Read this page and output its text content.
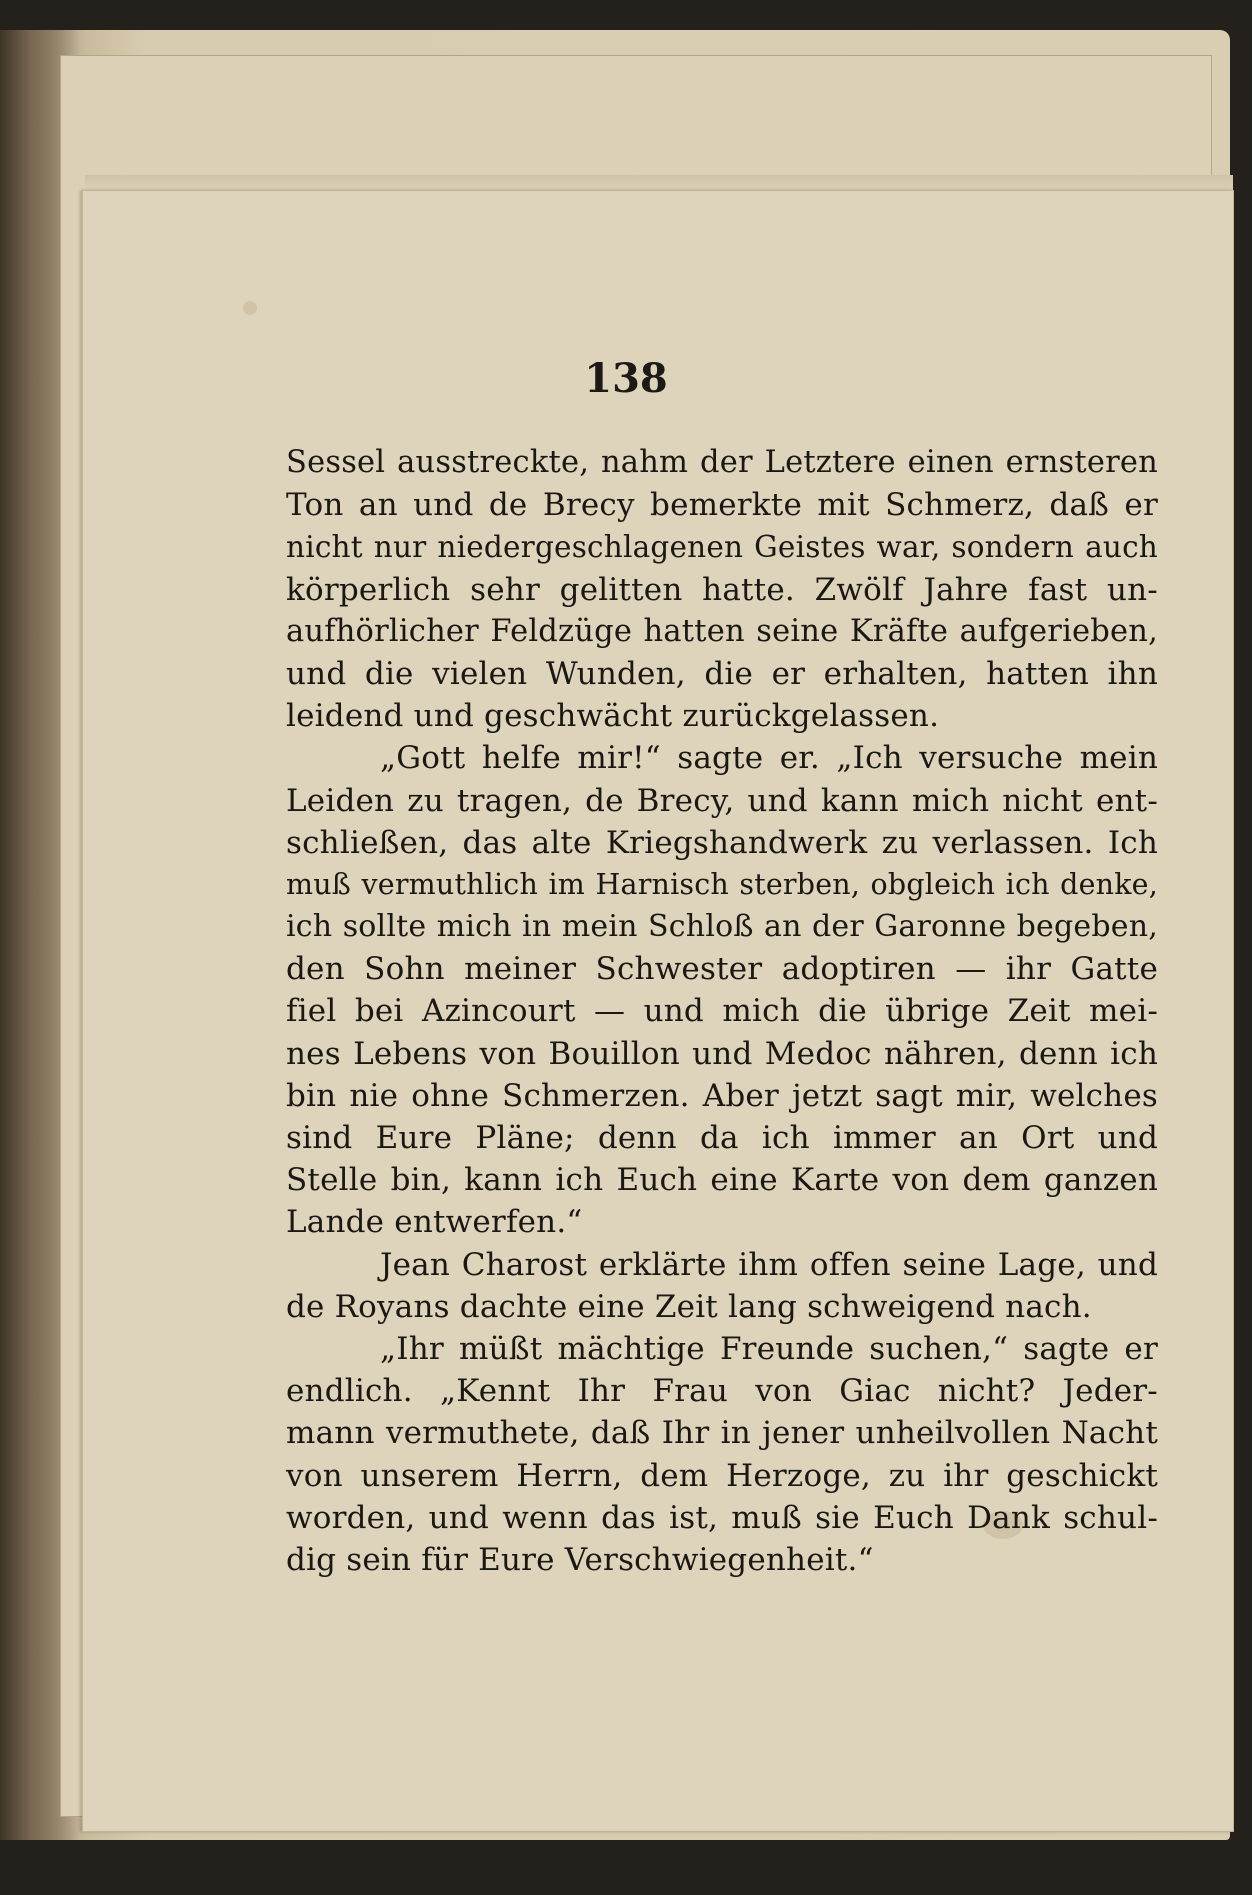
138
Sessel ausstreckte, nahm der Letztere einen ernsteren
Ton an und de Brecy bemerkte mit Schmerz, daß er
nicht nur niedergeschlagenen Geistes war, sondern auch
körperlich sehr gelitten hatte. Zwölf Jahre fast un-
aufhörlicher Feldzüge hatten seine Kräfte aufgerieben,
und die vielen Wunden, die er erhalten, hatten ihn
leidend und geschwächt zurückgelassen.
„Gott helfe mir!“ sagte er. „Ich versuche mein
Leiden zu tragen, de Brecy, und kann mich nicht ent-
schließen, das alte Kriegshandwerk zu verlassen. Ich
muß vermuthlich im Harnisch sterben, obgleich ich denke,
ich sollte mich in mein Schloß an der Garonne begeben,
den Sohn meiner Schwester adoptiren — ihr Gatte
fiel bei Azincourt — und mich die übrige Zeit mei-
nes Lebens von Bouillon und Medoc nähren, denn ich
bin nie ohne Schmerzen. Aber jetzt sagt mir, welches
sind Eure Pläne; denn da ich immer an Ort und
Stelle bin, kann ich Euch eine Karte von dem ganzen
Lande entwerfen.“
Jean Charost erklärte ihm offen seine Lage, und
de Royans dachte eine Zeit lang schweigend nach.
„Ihr müßt mächtige Freunde suchen,“ sagte er
endlich. „Kennt Ihr Frau von Giac nicht? Jeder-
mann vermuthete, daß Ihr in jener unheilvollen Nacht
von unserem Herrn, dem Herzoge, zu ihr geschickt
worden, und wenn das ist, muß sie Euch Dank schul-
dig sein für Eure Verschwiegenheit.“
